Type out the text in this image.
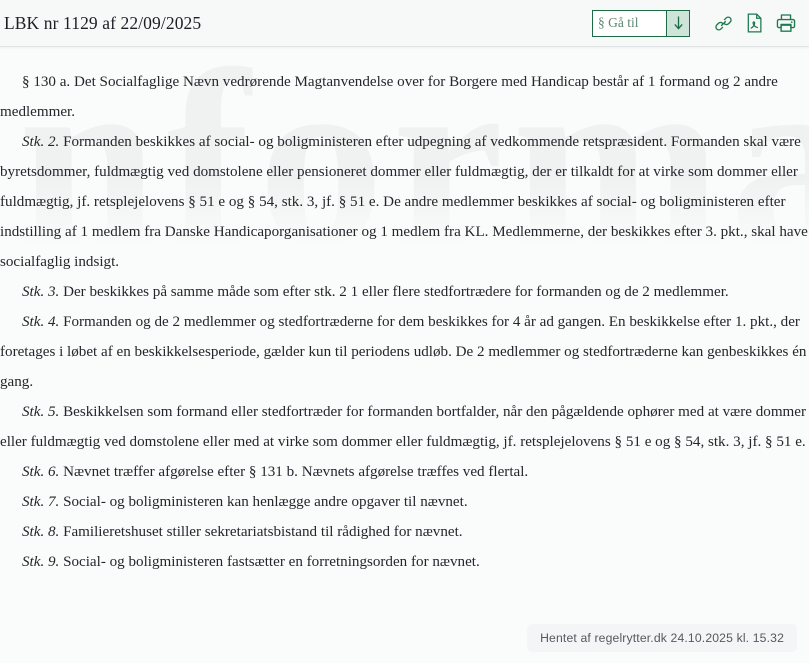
LBK nr 1129 af 22/09/2025
§ Gå til

§ 130 a. Det Socialfaglige Nævn vedrørende Magtanvendelse over for Borgere med Handicap består af 1 formand og 2 andre medlemmer.

Stk. 2. Formanden beskikkes af social- og boligministeren efter udpegning af vedkommende retspræsident. Formanden skal være byretsdommer, fuldmægtig ved domstolene eller pensioneret dommer eller fuldmægtig, der er tilkaldt for at virke som dommer eller fuldmægtig, jf. retsplejelovens § 51 e og § 54, stk. 3, jf. § 51 e. De andre medlemmer beskikkes af social- og boligministeren efter indstilling af 1 medlem fra Danske Handicaporganisationer og 1 medlem fra KL. Medlemmerne, der beskikkes efter 3. pkt., skal have socialfaglig indsigt.

Stk. 3. Der beskikkes på samme måde som efter stk. 2 1 eller flere stedfortrædere for formanden og de 2 medlemmer.

Stk. 4. Formanden og de 2 medlemmer og stedfortræderne for dem beskikkes for 4 år ad gangen. En beskikkelse efter 1. pkt., der foretages i løbet af en beskikkelsesperiode, gælder kun til periodens udløb. De 2 medlemmer og stedfortræderne kan genbeskikkes én gang.

Stk. 5. Beskikkelsen som formand eller stedfortræder for formanden bortfalder, når den pågældende ophører med at være dommer eller fuldmægtig ved domstolene eller med at virke som dommer eller fuldmægtig, jf. retsplejelovens § 51 e og § 54, stk. 3, jf. § 51 e.

Stk. 6. Nævnet træffer afgørelse efter § 131 b. Nævnets afgørelse træffes ved flertal.

Stk. 7. Social- og boligministeren kan henlægge andre opgaver til nævnet.

Stk. 8. Familieretshuset stiller sekretariatsbistand til rådighed for nævnet.

Stk. 9. Social- og boligministeren fastsætter en forretningsorden for nævnet.

Hentet af regelrytter.dk 24.10.2025 kl. 15.32
